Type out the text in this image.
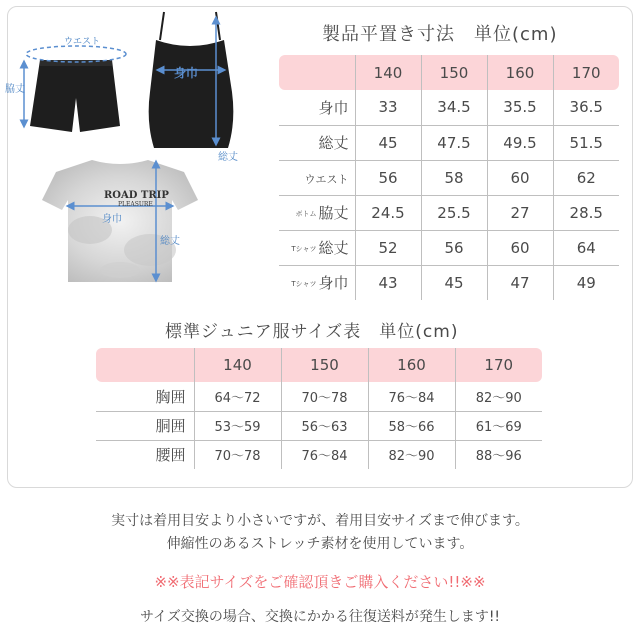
ウエスト
脇丈
身巾
総丈
ROAD TRIP
PLEASURE
身巾
総丈
製品平置き寸法　単位(cm)
	140	150	160	170
身巾	33	34.5	35.5	36.5
総丈	45	47.5	49.5	51.5
ウエスト	56	58	60	62
ボトム 脇丈	24.5	25.5	27	28.5
Tシャツ 総丈	52	56	60	64
Tシャツ 身巾	43	45	47	49
標準ジュニア服サイズ表　単位(cm)
	140	150	160	170
胸囲	64〜72	70〜78	76〜84	82〜90
胴囲	53〜59	56〜63	58〜66	61〜69
腰囲	70〜78	76〜84	82〜90	88〜96
実寸は着用目安より小さいですが、着用目安サイズまで伸びます。
伸縮性のあるストレッチ素材を使用しています。
※※表記サイズをご確認頂きご購入ください!!※※
サイズ交換の場合、交換にかかる往復送料が発生します!!
